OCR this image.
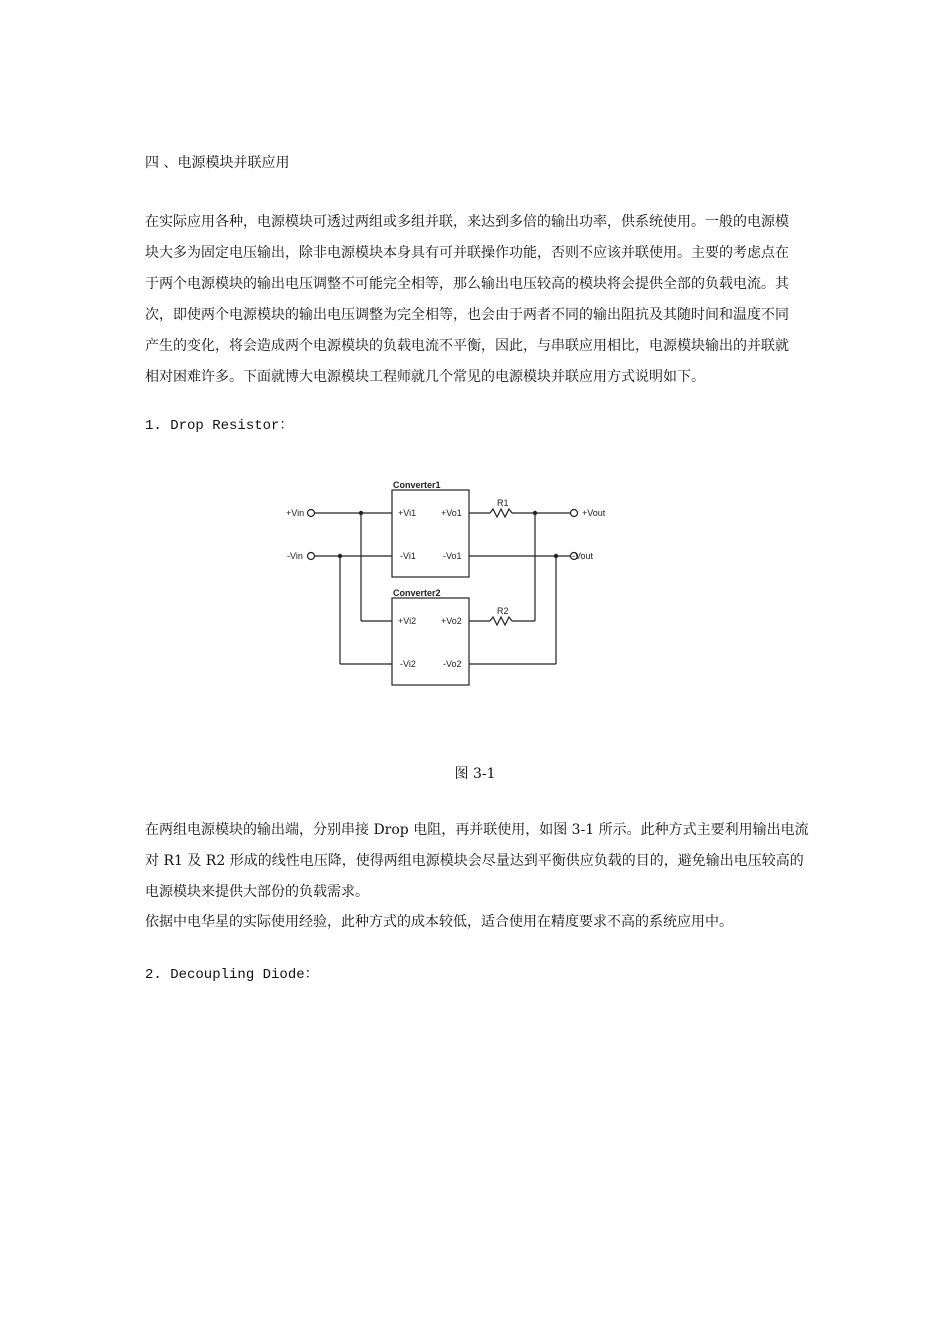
四 、电源模块并联应用
在实际应用各种，电源模块可透过两组或多组并联，来达到多倍的输出功率，供系统使用。一般的电源模
块大多为固定电压输出，除非电源模块本身具有可并联操作功能，否则不应该并联使用。主要的考虑点在
于两个电源模块的输出电压调整不可能完全相等，那么输出电压较高的模块将会提供全部的负载电流。其
次，即使两个电源模块的输出电压调整为完全相等，也会由于两者不同的输出阻抗及其随时间和温度不同
产生的变化，将会造成两个电源模块的负载电流不平衡，因此，与串联应用相比，电源模块输出的并联就
相对困难许多。下面就博大电源模块工程师就几个常见的电源模块并联应用方式说明如下。
1. Drop Resistor：
Converter1
Converter2
+Vin
-Vin
+Vout
-Vout
+Vi1
-Vi1
+Vo1
-Vo1
+Vi2
-Vi2
+Vo2
-Vo2
R1
R2
图 3-1
在两组电源模块的输出端，分别串接 Drop 电阻，再并联使用，如图 3-1 所示。此种方式主要利用输出电流
对 R1 及 R2 形成的线性电压降，使得两组电源模块会尽量达到平衡供应负载的目的，避免输出电压较高的
电源模块来提供大部份的负载需求。
依据中电华星的实际使用经验，此种方式的成本较低，适合使用在精度要求不高的系统应用中。
2. Decoupling Diode：
